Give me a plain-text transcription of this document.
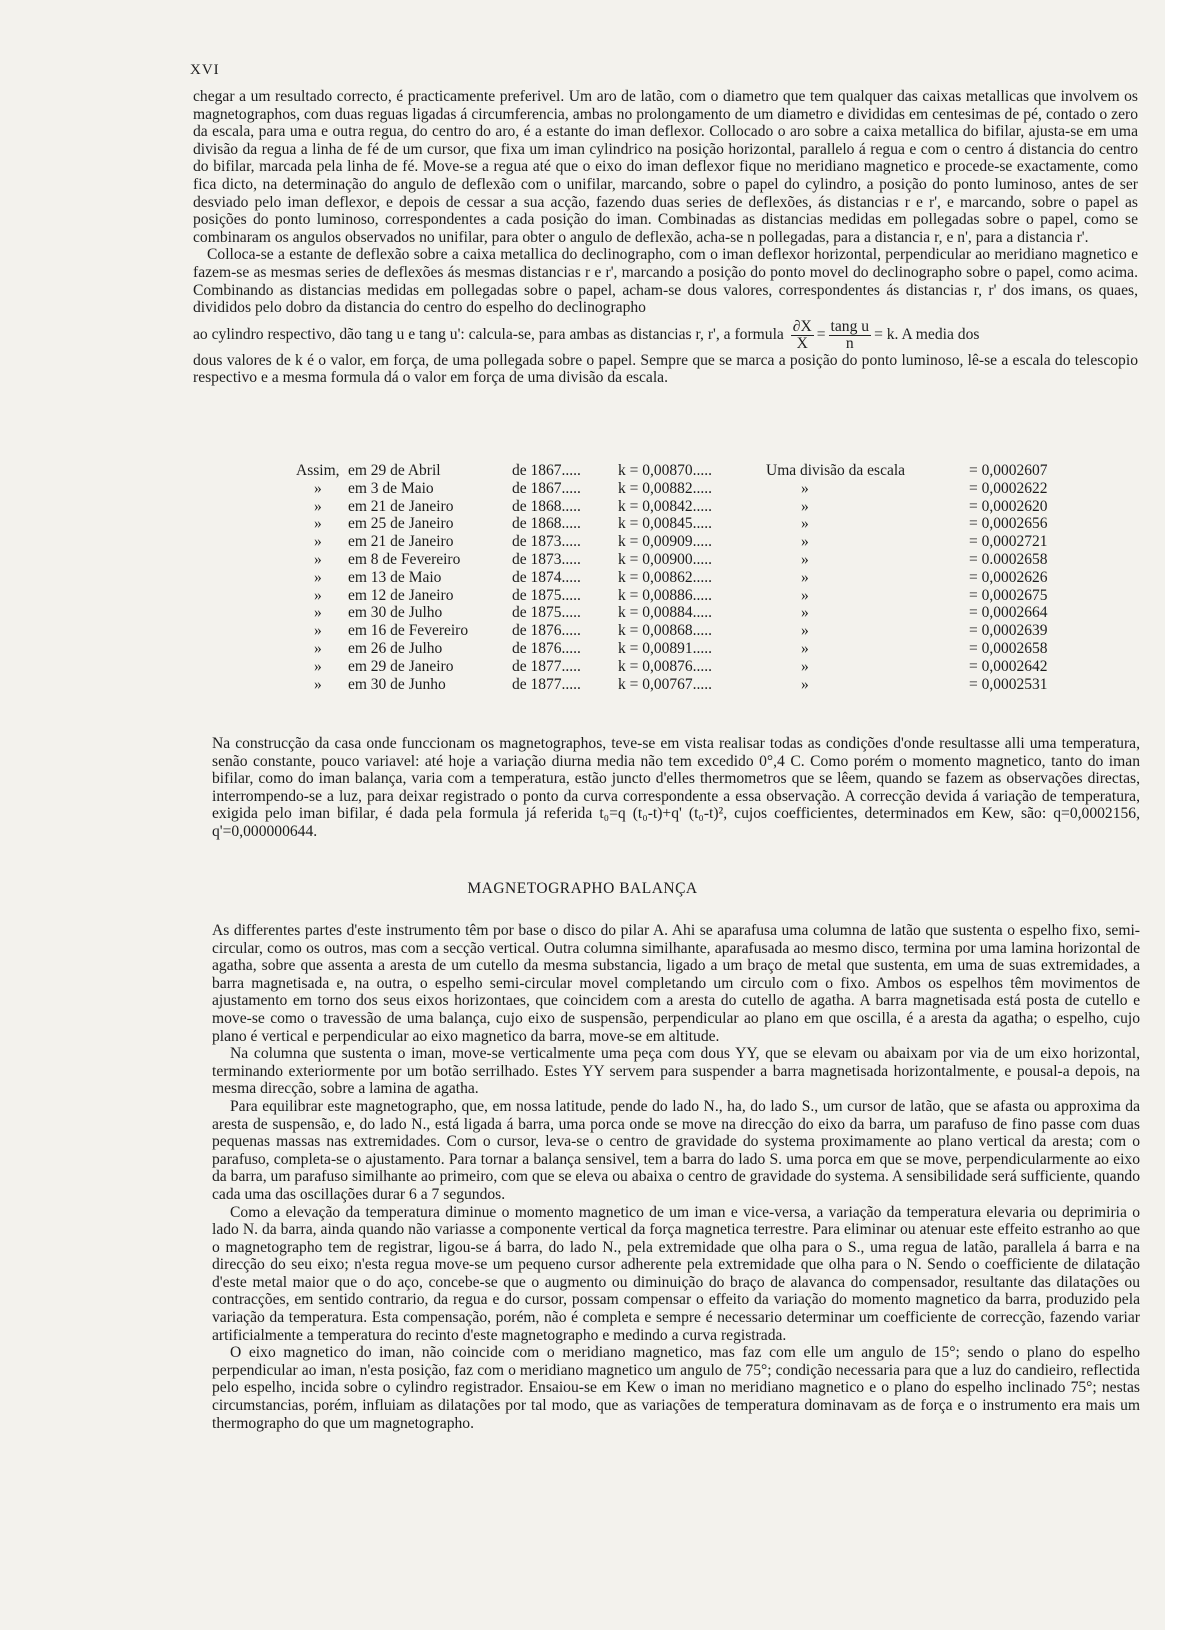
XVI

chegar a um resultado correcto, é practicamente preferivel. Um aro de latão, com o diametro que tem qualquer das caixas metallicas que involvem os magnetographos, com duas reguas ligadas á circumferencia, ambas no prolongamento de um diametro e divididas em centesimas de pé, contado o zero da escala, para uma e outra regua, do centro do aro, é a estante do iman deflexor. Collocado o aro sobre a caixa metallica do bifilar, ajusta-se em uma divisão da regua a linha de fé de um cursor, que fixa um iman cylindrico na posição horizontal, parallelo á regua e com o centro á distancia do centro do bifilar, marcada pela linha de fé. Move-se a regua até que o eixo do iman deflexor fique no meridiano magnetico e procede-se exactamente, como fica dicto, na determinação do angulo de deflexão com o unifilar, marcando, sobre o papel do cylindro, a posição do ponto luminoso, antes de ser desviado pelo iman deflexor, e depois de cessar a sua acção, fazendo duas series de deflexões, ás distancias r e r', e marcando, sobre o papel as posições do ponto luminoso, correspondentes a cada posição do iman. Combinadas as distancias medidas em pollegadas sobre o papel, como se combinaram os angulos observados no unifilar, para obter o angulo de deflexão, acha-se n pollegadas, para a distancia r, e n', para a distancia r'.

Colloca-se a estante de deflexão sobre a caixa metallica do declinographo, com o iman deflexor horizontal, perpendicular ao meridiano magnetico e fazem-se as mesmas series de deflexões ás mesmas distancias r e r', marcando a posição do ponto movel do declinographo sobre o papel, como acima. Combinando as distancias medidas em pollegadas sobre o papel, acham-se dous valores, correspondentes ás distancias r, r' dos imans, os quaes, divididos pelo dobro da distancia do centro do espelho do declinographo

ao cylindro respectivo, dão tang u e tang u': calcula-se, para ambas as distancias r, r', a formula $\frac{\partial X}{X} = \frac{\text{tang u}}{n} = k$. A media dos

dous valores de k é o valor, em força, de uma pollegada sobre o papel. Sempre que se marca a posição do ponto luminoso, lê-se a escala do telescopio respectivo e a mesma formula dá o valor em força de uma divisão da escala.

Assim, em 29 de Abril	de 1867..... k = 0,00870.....	Uma divisão da escala	= 0,0002607
»	em 3 de Maio	de 1867..... k = 0,00882.....	»	= 0,0002622
»	em 21 de Janeiro	de 1868..... k = 0,00842.....	»	= 0,0002620
»	em 25 de Janeiro	de 1868..... k = 0,00845.....	»	= 0,0002656
»	em 21 de Janeiro	de 1873..... k = 0,00909.....	»	= 0,0002721
»	em 8 de Fevereiro	de 1873..... k = 0,00900.....	»	= 0.0002658
»	em 13 de Maio	de 1874..... k = 0,00862.....	»	= 0,0002626
»	em 12 de Janeiro	de 1875..... k = 0,00886.....	»	= 0,0002675
»	em 30 de Julho	de 1875..... k = 0,00884.....	»	= 0,0002664
»	em 16 de Fevereiro	de 1876..... k = 0,00868.....	»	= 0,0002639
»	em 26 de Julho	de 1876..... k = 0,00891.....	»	= 0,0002658
»	em 29 de Janeiro	de 1877..... k = 0,00876.....	»	= 0,0002642
»	em 30 de Junho	de 1877..... k = 0,00767.....	»	= 0,0002531

Na construcção da casa onde funccionam os magnetographos, teve-se em vista realisar todas as condições d'onde resultasse alli uma temperatura, senão constante, pouco variavel: até hoje a variação diurna media não tem excedido 0°,4 C. Como porém o momento magnetico, tanto do iman bifilar, como do iman balança, varia com a temperatura, estão juncto d'elles thermometros que se lêem, quando se fazem as observações directas, interrompendo-se a luz, para deixar registrado o ponto da curva correspondente a essa observação. A correcção devida á variação de temperatura, exigida pelo iman bifilar, é dada pela formula já referida t₀=q (t₀-t)+q' (t₀-t)², cujos coefficientes, determinados em Kew, são: q=0,0002156, q'=0,000000644.

MAGNETOGRAPHO BALANÇA

As differentes partes d'este instrumento têm por base o disco do pilar A. Ahi se aparafusa uma columna de latão que sustenta o espelho fixo, semi-circular, como os outros, mas com a secção vertical. Outra columna similhante, aparafusada ao mesmo disco, termina por uma lamina horizontal de agatha, sobre que assenta a aresta de um cutello da mesma substancia, ligado a um braço de metal que sustenta, em uma de suas extremidades, a barra magnetisada e, na outra, o espelho semi-circular movel completando um circulo com o fixo. Ambos os espelhos têm movimentos de ajustamento em torno dos seus eixos horizontaes, que coincidem com a aresta do cutello de agatha. A barra magnetisada está posta de cutello e move-se como o travessão de uma balança, cujo eixo de suspensão, perpendicular ao plano em que oscilla, é a aresta da agatha; o espelho, cujo plano é vertical e perpendicular ao eixo magnetico da barra, move-se em altitude.

Na columna que sustenta o iman, move-se verticalmente uma peça com dous YY, que se elevam ou abaixam por via de um eixo horizontal, terminando exteriormente por um botão serrilhado. Estes YY servem para suspender a barra magnetisada horizontalmente, e pousal-a depois, na mesma direcção, sobre a lamina de agatha.

Para equilibrar este magnetographo, que, em nossa latitude, pende do lado N., ha, do lado S., um cursor de latão, que se afasta ou approxima da aresta de suspensão, e, do lado N., está ligada á barra, uma porca onde se move na direcção do eixo da barra, um parafuso de fino passe com duas pequenas massas nas extremidades. Com o cursor, leva-se o centro de gravidade do systema proximamente ao plano vertical da aresta; com o parafuso, completa-se o ajustamento. Para tornar a balança sensivel, tem a barra do lado S. uma porca em que se move, perpendicularmente ao eixo da barra, um parafuso similhante ao primeiro, com que se eleva ou abaixa o centro de gravidade do systema. A sensibilidade será sufficiente, quando cada uma das oscillações durar 6 a 7 segundos.

Como a elevação da temperatura diminue o momento magnetico de um iman e vice-versa, a variação da temperatura elevaria ou deprimiria o lado N. da barra, ainda quando não variasse a componente vertical da força magnetica terrestre. Para eliminar ou atenuar este effeito estranho ao que o magnetographo tem de registrar, ligou-se á barra, do lado N., pela extremidade que olha para o S., uma regua de latão, parallela á barra e na direcção do seu eixo; n'esta regua move-se um pequeno cursor adherente pela extremidade que olha para o N. Sendo o coefficiente de dilatação d'este metal maior que o do aço, concebe-se que o augmento ou diminuição do braço de alavanca do compensador, resultante das dilatações ou contracções, em sentido contrario, da regua e do cursor, possam compensar o effeito da variação do momento magnetico da barra, produzido pela variação da temperatura. Esta compensação, porém, não é completa e sempre é necessario determinar um coefficiente de correcção, fazendo variar artificialmente a temperatura do recinto d'este magnetographo e medindo a curva registrada.

O eixo magnetico do iman, não coincide com o meridiano magnetico, mas faz com elle um angulo de 15°; sendo o plano do espelho perpendicular ao iman, n'esta posição, faz com o meridiano magnetico um angulo de 75°; condição necessaria para que a luz do candieiro, reflectida pelo espelho, incida sobre o cylindro registrador. Ensaiou-se em Kew o iman no meridiano magnetico e o plano do espelho inclinado 75°; nestas circumstancias, porém, influiam as dilatações por tal modo, que as variações de temperatura dominavam as de força e o instrumento era mais um thermographo do que um magnetographo.
